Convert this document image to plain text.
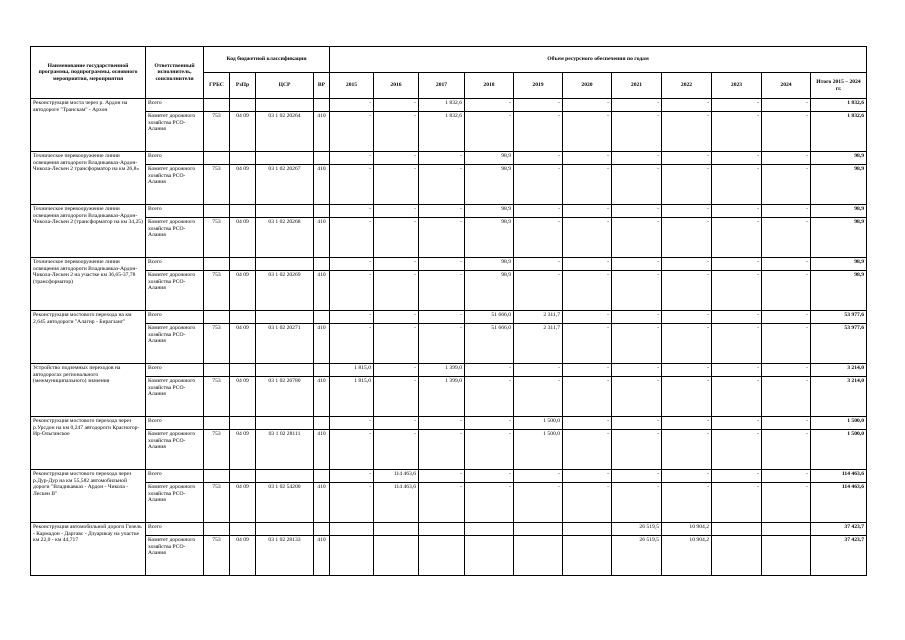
Наименование государственной программы, подпрограммы, основного мероприятия, мероприятия	Ответственный исполнитель, соисполнители	Код бюджетной классификации				Объем ресурсного обеспечения по годам										
		ГРБС	РзПр	ЦСР	ВР	2015	2016	2017	2018	2019	2020	2021	2022	2023	2024	Итого 2015 – 2024 гг.
Реконструкция моста через р. Ардон на автодороге "Транскам" - Архон	Всего					-	-	1 832,6	-	-	-	-	-	-	-	1 832,6
	Комитет дорожного хозяйства РСО-Алания	753	04 09	03 1 02 20264	410	-	-	1 832,6	-	-	-	-	-	-	-	1 832,6
Техническое перевооружение линии освещения автодороги Владикавказ-Ардон-Чикола-Лескен 2 трансформатор на км 26,8»	Всего					-	-	-	98,9	-	-	-	-	-	-	98,9
	Комитет дорожного хозяйства РСО-Алания	753	04 09	03 1 02 20267	410	-	-	-	98,9	-	-	-	-	-	-	98,9
Техническое перевооружение линии освещения автодороги Владикавказ-Ардон-Чикола-Лескен 2 (трансформатор на км 34,25)	Всего					-	-	-	98,9	-	-	-	-	-	-	98,9
	Комитет дорожного хозяйства РСО-Алания	753	04 09	03 1 02 20268	410	-	-	-	98,9	-	-	-	-	-	-	98,9
Техническое перевооружение линии освещения автодороги Владикавказ-Ардон-Чикола-Лескен 2 на участке км 36,65-37,78 (трансформатор)	Всего					-	-	-	98,9	-	-	-	-	-	-	98,9
	Комитет дорожного хозяйства РСО-Алания	753	04 09	03 1 02 20269	410	-	-	-	98,9	-	-	-	-	-	-	98,9
Реконструкция мостового перехода на км 2,645 автодороги "Алагир - Бирагзанг"	Всего					-	-	-	51 666,0	2 311,7	-	-	-	-	-	53 977,6
	Комитет дорожного хозяйства РСО-Алания	753	04 09	03 1 02 20271	410	-	-	-	51 666,0	2 311,7	-	-	-	-	-	53 977,6
Устройство подземных переходов на автодорогах регионального (межмуниципального) значения	Всего					1 815,0	-	1 399,0	-	-	-	-	-	-	-	3 214,0
	Комитет дорожного хозяйства РСО-Алания	753	04 09	03 1 02 26780	410	1 815,0	-	1 399,0	-	-	-	-	-	-	-	3 214,0
Реконструкция мостового перехода через р.Урсдон на км 0,247 автодороги Красногор-Ир-Ольгинское	Всего					-	-	-	-	1 500,0	-	-	-	-	-	1 500,0
	Комитет дорожного хозяйства РСО-Алания	753	04 09	03 1 02 28111	410	-	-	-	-	1 500,0	-	-	-	-	-	1 500,0
Реконструкция мостового перехода через р.Дур-Дур на км 55,582 автомобильной дороги "Владикавказ - Ардон - Чикола - Лескен II"	Всего					-	114 463,6	-	-	-	-	-	-	-	-	114 463,6
	Комитет дорожного хозяйства РСО-Алания	753	04 09	03 1 02 54200	410	-	114 463,6	-	-	-	-	-	-	-	-	114 463,6
Реконструкция автомобильной дороги Гизель - Кармадон - Даргавс - Дзуарикау на участке км 22,0 - км 44,717	Всего											26 519,5	10 904,2			37 423,7
	Комитет дорожного хозяйства РСО-Алания	753	04 09	03 1 02 28133	410							26 519,5	10 904,2			37 423,7
